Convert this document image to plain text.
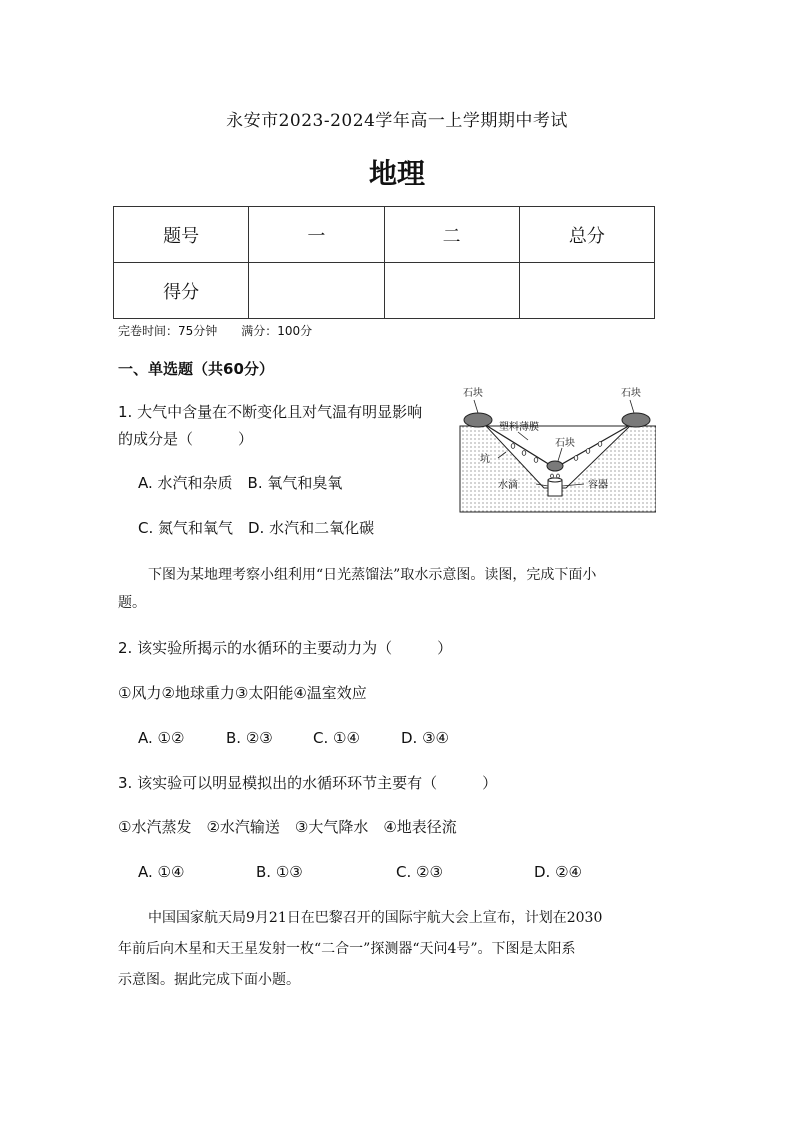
永安市2023-2024学年高一上学期期中考试
地理
题号	一	二	总分
得分			
完卷时间：75分钟 满分：100分
一、单选题（共60分）
1. 大气中含量在不断变化且对气温有明显影响
的成分是（　　　）
A. 水汽和杂质　B. 氧气和臭氧
C. 氮气和氧气　D. 水汽和二氧化碳
石块	石块
塑料薄膜
石块
坑
水滴	容器
下图为某地理考察小组利用“日光蒸馏法”取水示意图。读图，完成下面小
题。
2. 该实验所揭示的水循环的主要动力为（　　　）
①风力②地球重力③太阳能④温室效应
A. ①②	B. ②③	C. ①④	D. ③④
3. 该实验可以明显模拟出的水循环环节主要有（　　　）
①水汽蒸发　②水汽输送　③大气降水　④地表径流
A. ①④	B. ①③	C. ②③	D. ②④
中国国家航天局9月21日在巴黎召开的国际宇航大会上宣布，计划在2030
年前后向木星和天王星发射一枚“二合一”探测器“天问4号”。下图是太阳系
示意图。据此完成下面小题。
